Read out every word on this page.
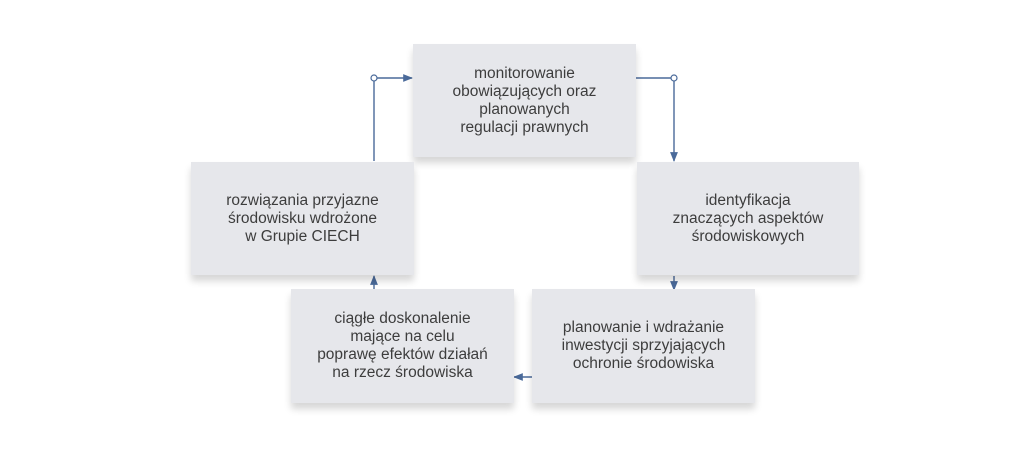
monitorowanie
obowiązujących oraz
planowanych
regulacji prawnych
identyfikacja
znaczących aspektów
środowiskowych
planowanie i wdrażanie
inwestycji sprzyjających
ochronie środowiska
ciągłe doskonalenie
mające na celu
poprawę efektów działań
na rzecz środowiska
rozwiązania przyjazne
środowisku wdrożone
w Grupie CIECH
